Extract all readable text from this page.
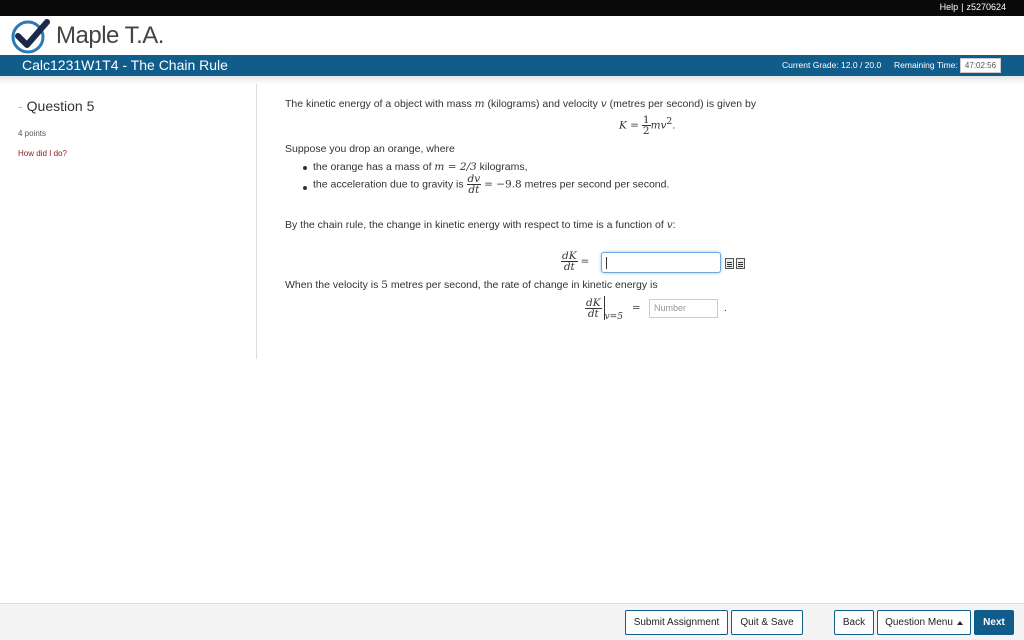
Help | z5270624
Maple T.A.
Calc1231W1T4 - The Chain Rule	Current Grade: 12.0 / 20.0 Remaining Time: 47:02:56
- Question 5
4 points
How did I do?
The kinetic energy of a object with mass m (kilograms) and velocity v (metres per second) is given by
$K = \frac{1}{2} mv^2$.
Suppose you drop an orange, where
the orange has a mass of m = 2/3 kilograms,
the acceleration due to gravity is $\frac{dv}{dt} = -9.8$ metres per second per second.
By the chain rule, the change in kinetic energy with respect to time is a function of v:
$\frac{dK}{dt}$ =
When the velocity is 5 metres per second, the rate of change in kinetic energy is
$\frac{dK}{dt} v=5$ =	Number	.
Submit Assignment	Quit & Save	Back	Question Menu	Next
